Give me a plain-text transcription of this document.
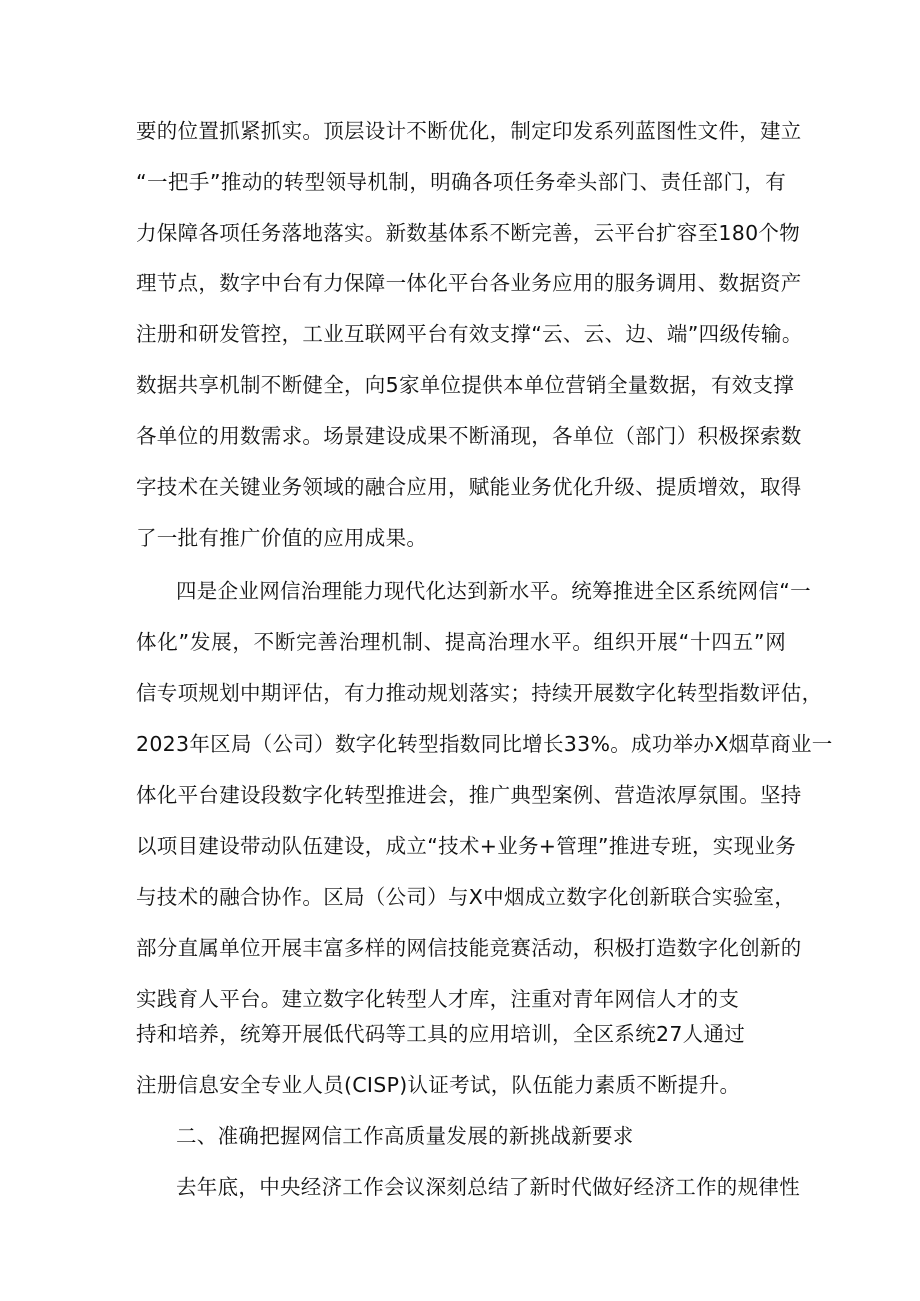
要的位置抓紧抓实。顶层设计不断优化，制定印发系列蓝图性文件，建立
“一把手”推动的转型领导机制，明确各项任务牵头部门、责任部门，有
力保障各项任务落地落实。新数基体系不断完善，云平台扩容至180个物
理节点，数字中台有力保障一体化平台各业务应用的服务调用、数据资产
注册和研发管控，工业互联网平台有效支撑“云、云、边、端”四级传输。
数据共享机制不断健全，向5家单位提供本单位营销全量数据，有效支撑
各单位的用数需求。场景建设成果不断涌现，各单位（部门）积极探索数
字技术在关键业务领域的融合应用，赋能业务优化升级、提质增效，取得
了一批有推广价值的应用成果。
四是企业网信治理能力现代化达到新水平。统筹推进全区系统网信“一
体化”发展，不断完善治理机制、提高治理水平。组织开展“十四五”网
信专项规划中期评估，有力推动规划落实；持续开展数字化转型指数评估，
2023年区局（公司）数字化转型指数同比增长33%。成功举办X烟草商业一
体化平台建设段数字化转型推进会，推广典型案例、营造浓厚氛围。坚持
以项目建设带动队伍建设，成立“技术+业务+管理”推进专班，实现业务
与技术的融合协作。区局（公司）与X中烟成立数字化创新联合实验室，
部分直属单位开展丰富多样的网信技能竞赛活动，积极打造数字化创新的
实践育人平台。建立数字化转型人才库，注重对青年网信人才的支
持和培养，统筹开展低代码等工具的应用培训，全区系统27人通过
注册信息安全专业人员(CISP)认证考试，队伍能力素质不断提升。
二、准确把握网信工作高质量发展的新挑战新要求
去年底，中央经济工作会议深刻总结了新时代做好经济工作的规律性
